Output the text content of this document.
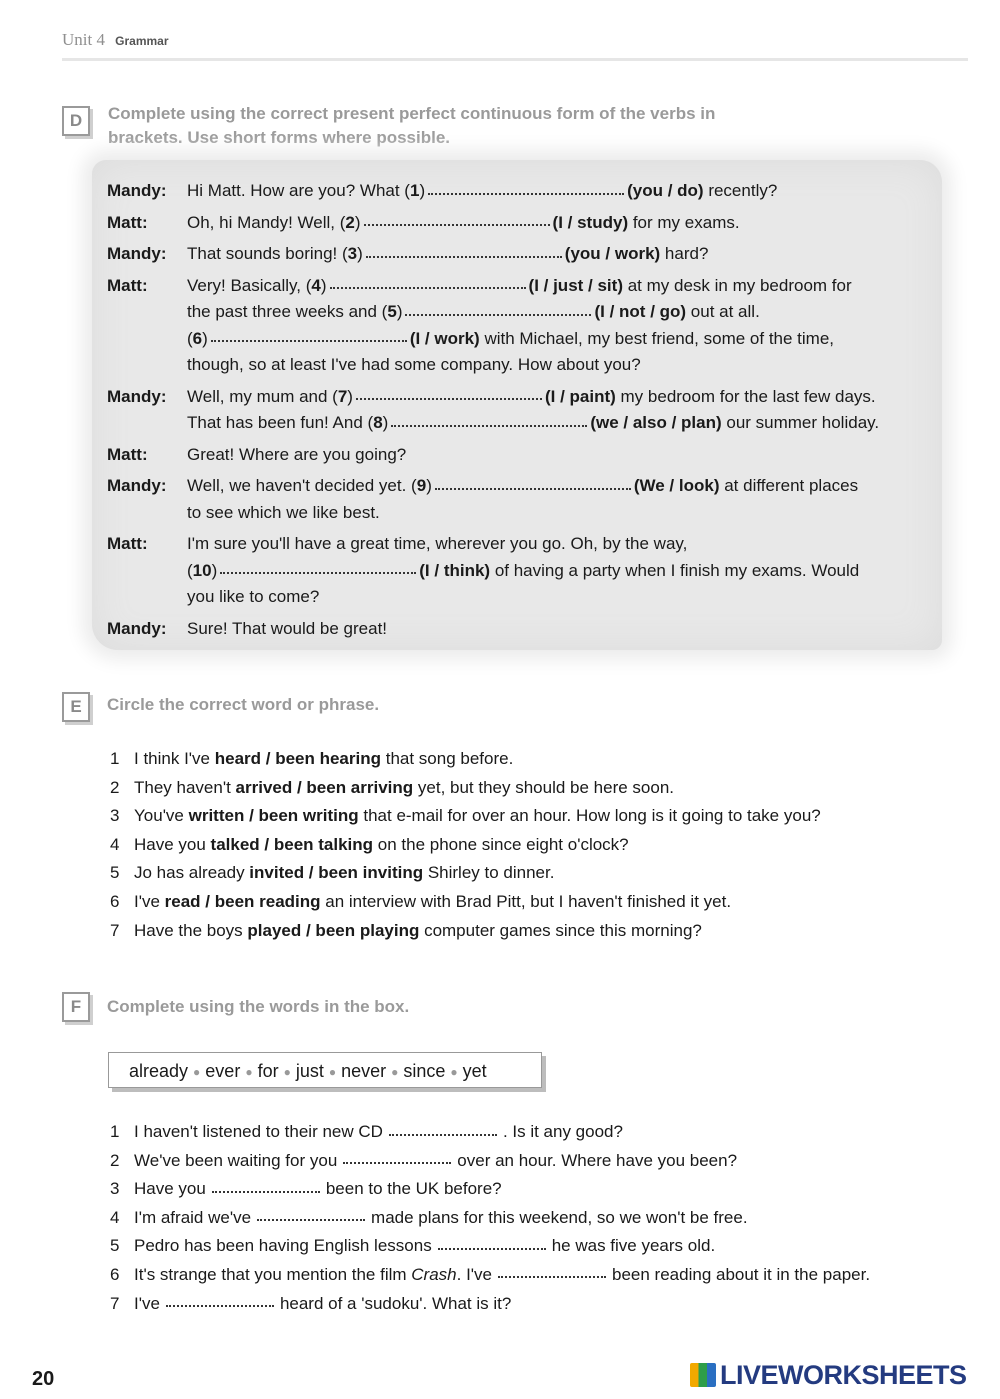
Unit 4 Grammar
D	Complete using the correct present perfect continuous form of the verbs in
brackets. Use short forms where possible.
Mandy: Hi Matt. How are you? What (1)	(you / do) recently?
Matt: Oh, hi Mandy! Well, (2)	(I / study) for my exams.
Mandy: That sounds boring! (3)	(you / work) hard?
Matt: Very! Basically, (4)	(I / just / sit) at my desk in my bedroom for
the past three weeks and (5)	(I / not / go) out at all.
(6)	(I / work) with Michael, my best friend, some of the time,
though, so at least I've had some company. How about you?
Mandy: Well, my mum and (7)	(I / paint) my bedroom for the last few days.
That has been fun! And (8)	(we / also / plan) our summer holiday.
Matt: Great! Where are you going?
Mandy: Well, we haven't decided yet. (9)	(We / look) at different places
to see which we like best.
Matt: I'm sure you'll have a great time, wherever you go. Oh, by the way,
(10)	(I / think) of having a party when I finish my exams. Would
you like to come?
Mandy: Sure! That would be great!
E	Circle the correct word or phrase.
1 I think I've heard / been hearing that song before.
2 They haven't arrived / been arriving yet, but they should be here soon.
3 You've written / been writing that e-mail for over an hour. How long is it going to take you?
4 Have you talked / been talking on the phone since eight o'clock?
5 Jo has already invited / been inviting Shirley to dinner.
6 I've read / been reading an interview with Brad Pitt, but I haven't finished it yet.
7 Have the boys played / been playing computer games since this morning?
F	Complete using the words in the box.
already ● ever ● for ● just ● never ● since ● yet
1 I haven't listened to their new CD	. Is it any good?
2 We've been waiting for you	over an hour. Where have you been?
3 Have you	been to the UK before?
4 I'm afraid we've	made plans for this weekend, so we won't be free.
5 Pedro has been having English lessons	he was five years old.
6 It's strange that you mention the film Crash. I've	been reading about it in the paper.
7 I've	heard of a 'sudoku'. What is it?
20	LIVEWORKSHEETS
